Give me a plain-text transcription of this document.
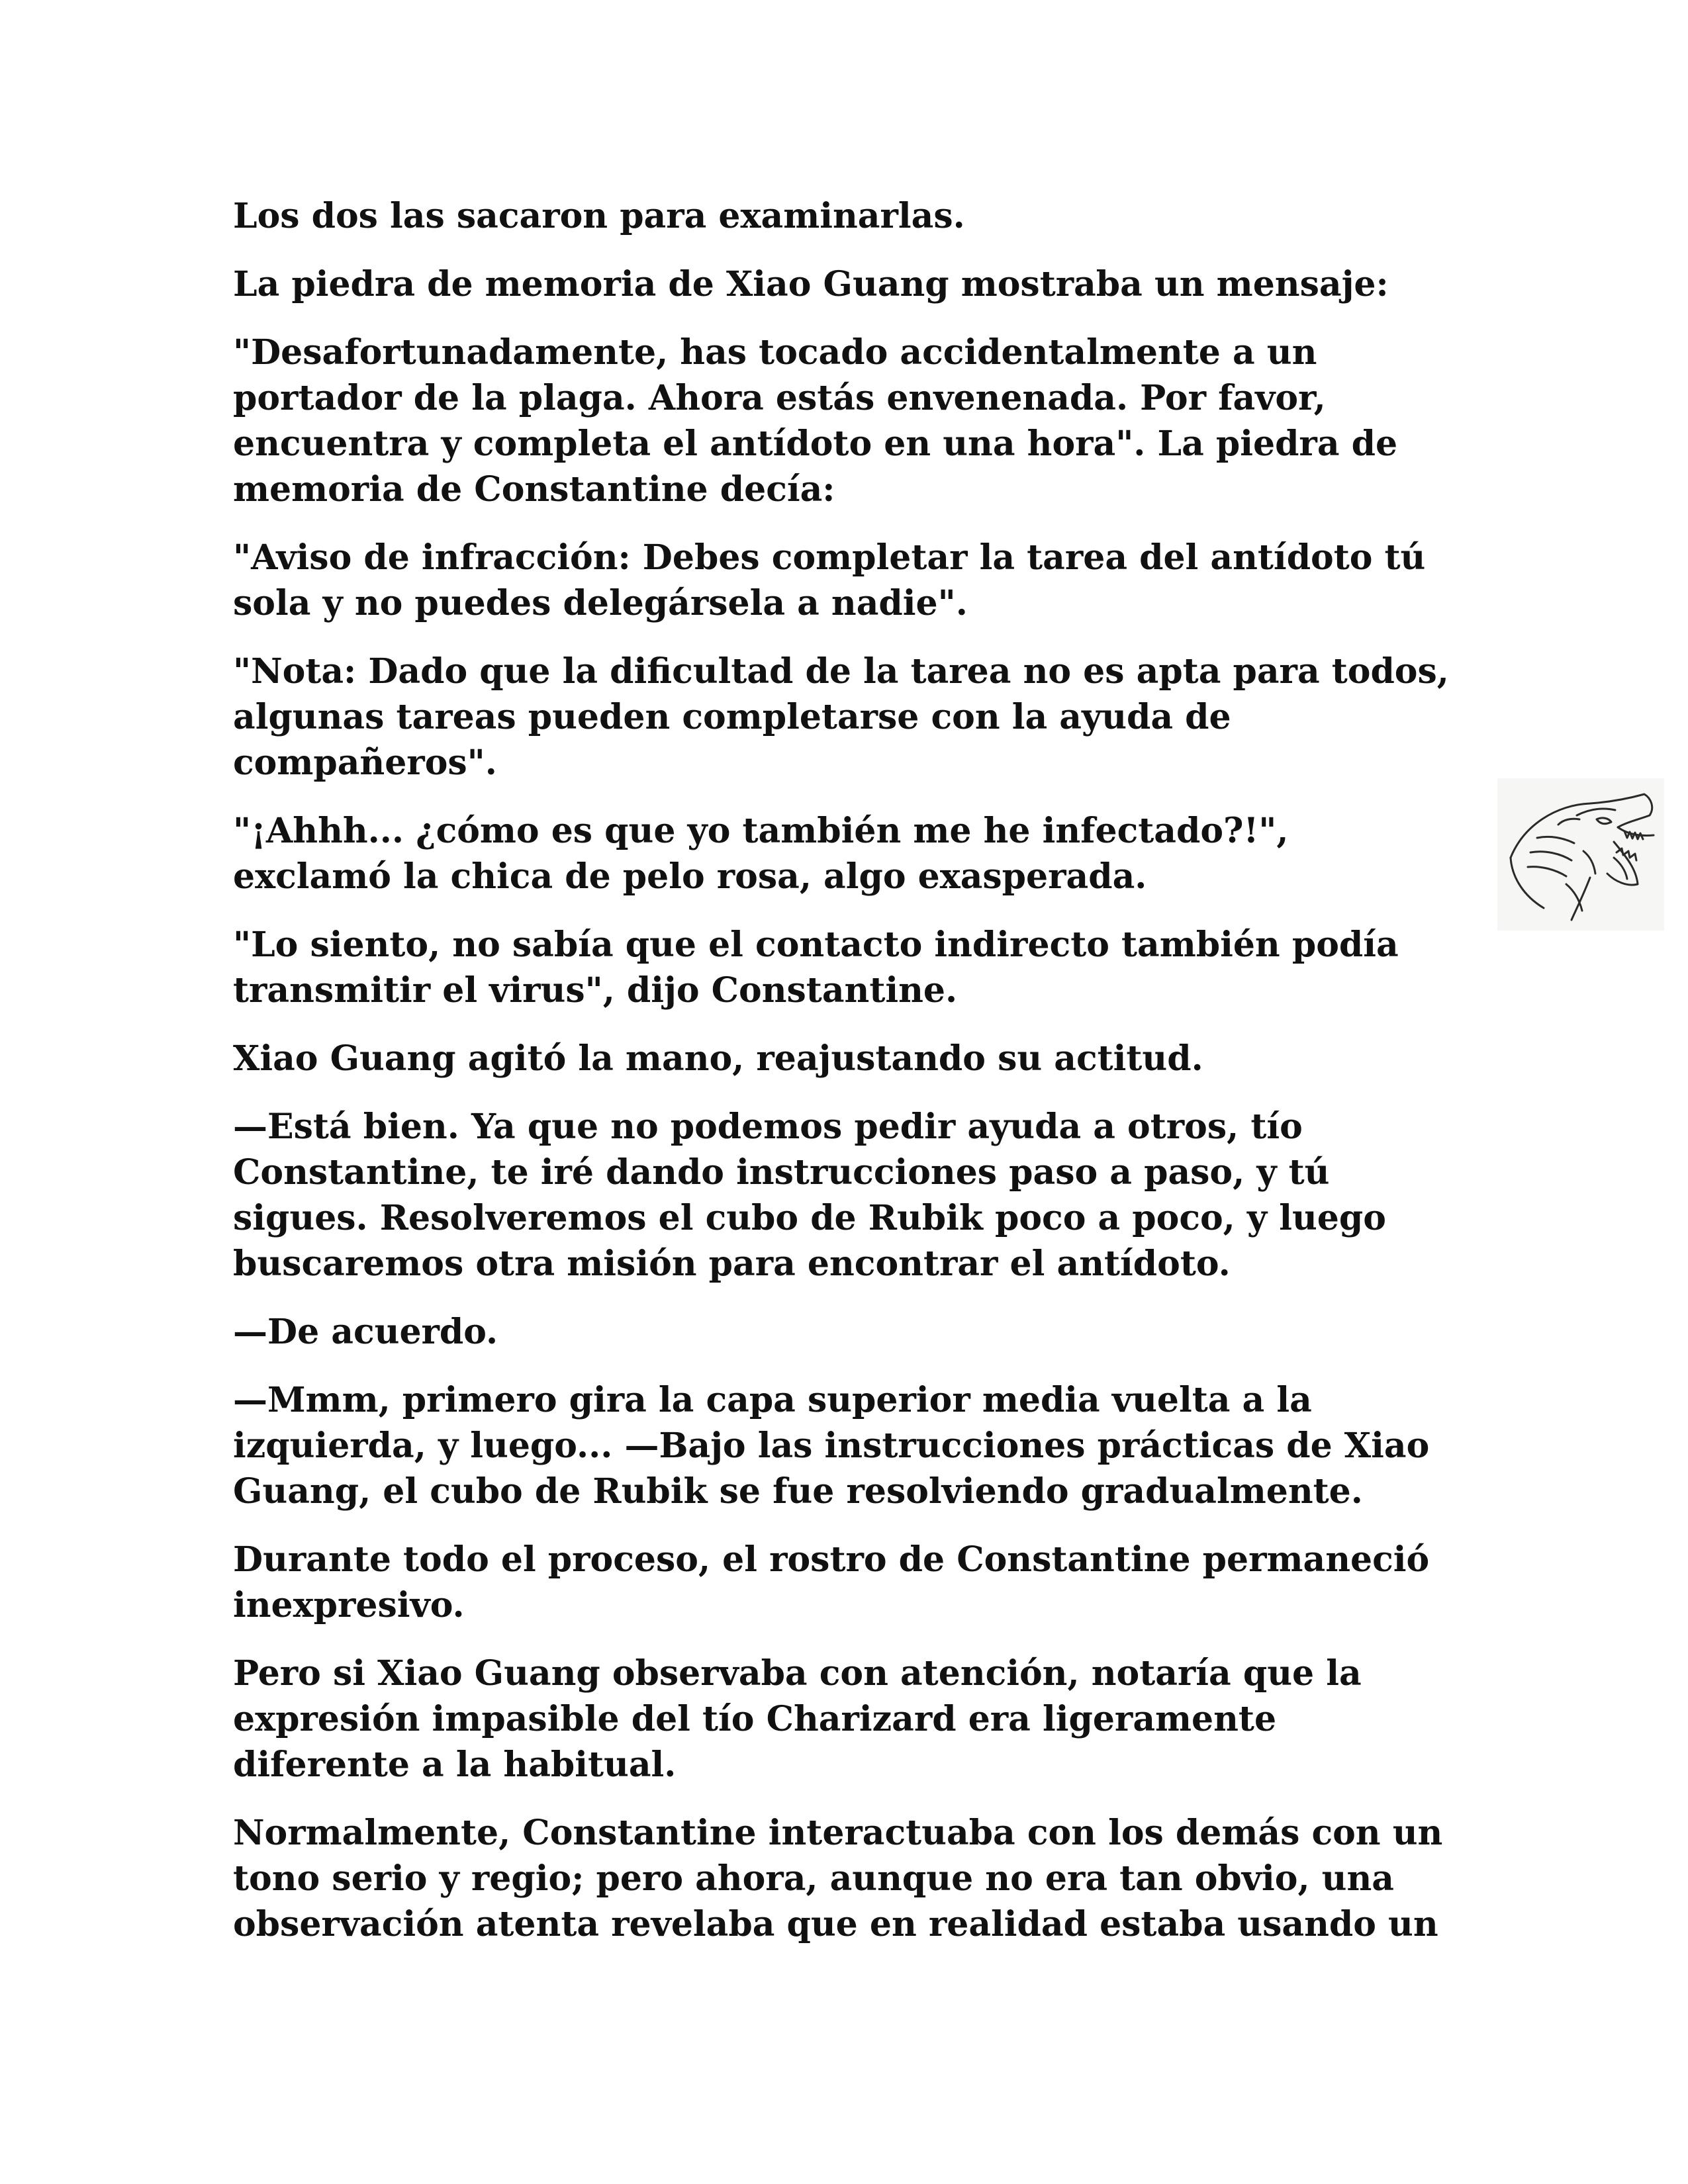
Los dos las sacaron para examinarlas.

La piedra de memoria de Xiao Guang mostraba un mensaje:

"Desafortunadamente, has tocado accidentalmente a un portador de la plaga. Ahora estás envenenada. Por favor, encuentra y completa el antídoto en una hora". La piedra de memoria de Constantine decía:

"Aviso de infracción: Debes completar la tarea del antídoto tú sola y no puedes delegársela a nadie".

"Nota: Dado que la dificultad de la tarea no es apta para todos, algunas tareas pueden completarse con la ayuda de compañeros".

"¡Ahhh... ¿cómo es que yo también me he infectado?!", exclamó la chica de pelo rosa, algo exasperada.

"Lo siento, no sabía que el contacto indirecto también podía transmitir el virus", dijo Constantine.

Xiao Guang agitó la mano, reajustando su actitud.

—Está bien. Ya que no podemos pedir ayuda a otros, tío Constantine, te iré dando instrucciones paso a paso, y tú sigues. Resolveremos el cubo de Rubik poco a poco, y luego buscaremos otra misión para encontrar el antídoto.

—De acuerdo.

—Mmm, primero gira la capa superior media vuelta a la izquierda, y luego... —Bajo las instrucciones prácticas de Xiao Guang, el cubo de Rubik se fue resolviendo gradualmente.

Durante todo el proceso, el rostro de Constantine permaneció inexpresivo.

Pero si Xiao Guang observaba con atención, notaría que la expresión impasible del tío Charizard era ligeramente diferente a la habitual.

Normalmente, Constantine interactuaba con los demás con un tono serio y regio; pero ahora, aunque no era tan obvio, una observación atenta revelaba que en realidad estaba usando un
